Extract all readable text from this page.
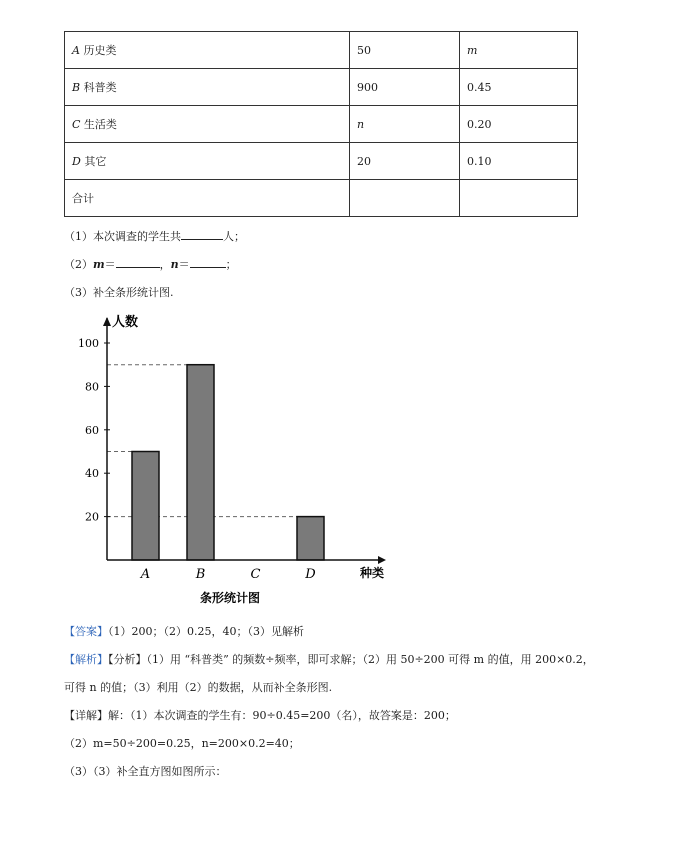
A 历史类	50	m
B 科普类	900	0.45
C 生活类	n	0.20
D 其它	20	0.10
合计		
（1）本次调查的学生共	人；
（2）m＝	，n＝	；
（3）补全条形统计图.
20
40
60
80
100
A	B	C	D
人数
种类
条形统计图
【答案】（1）200；（2）0.25，40；（3）见解析
【解析】【分析】（1）用 “科普类” 的频数÷频率，即可求解；（2）用 50÷200 可得 m 的值，用 200×0.2，
可得 n 的值；（3）利用（2）的数据，从而补全条形图.
【详解】解：（1）本次调查的学生有：90÷0.45=200（名），故答案是：200；
（2）m=50÷200=0.25，n=200×0.2=40；
（3）（3）补全直方图如图所示：
